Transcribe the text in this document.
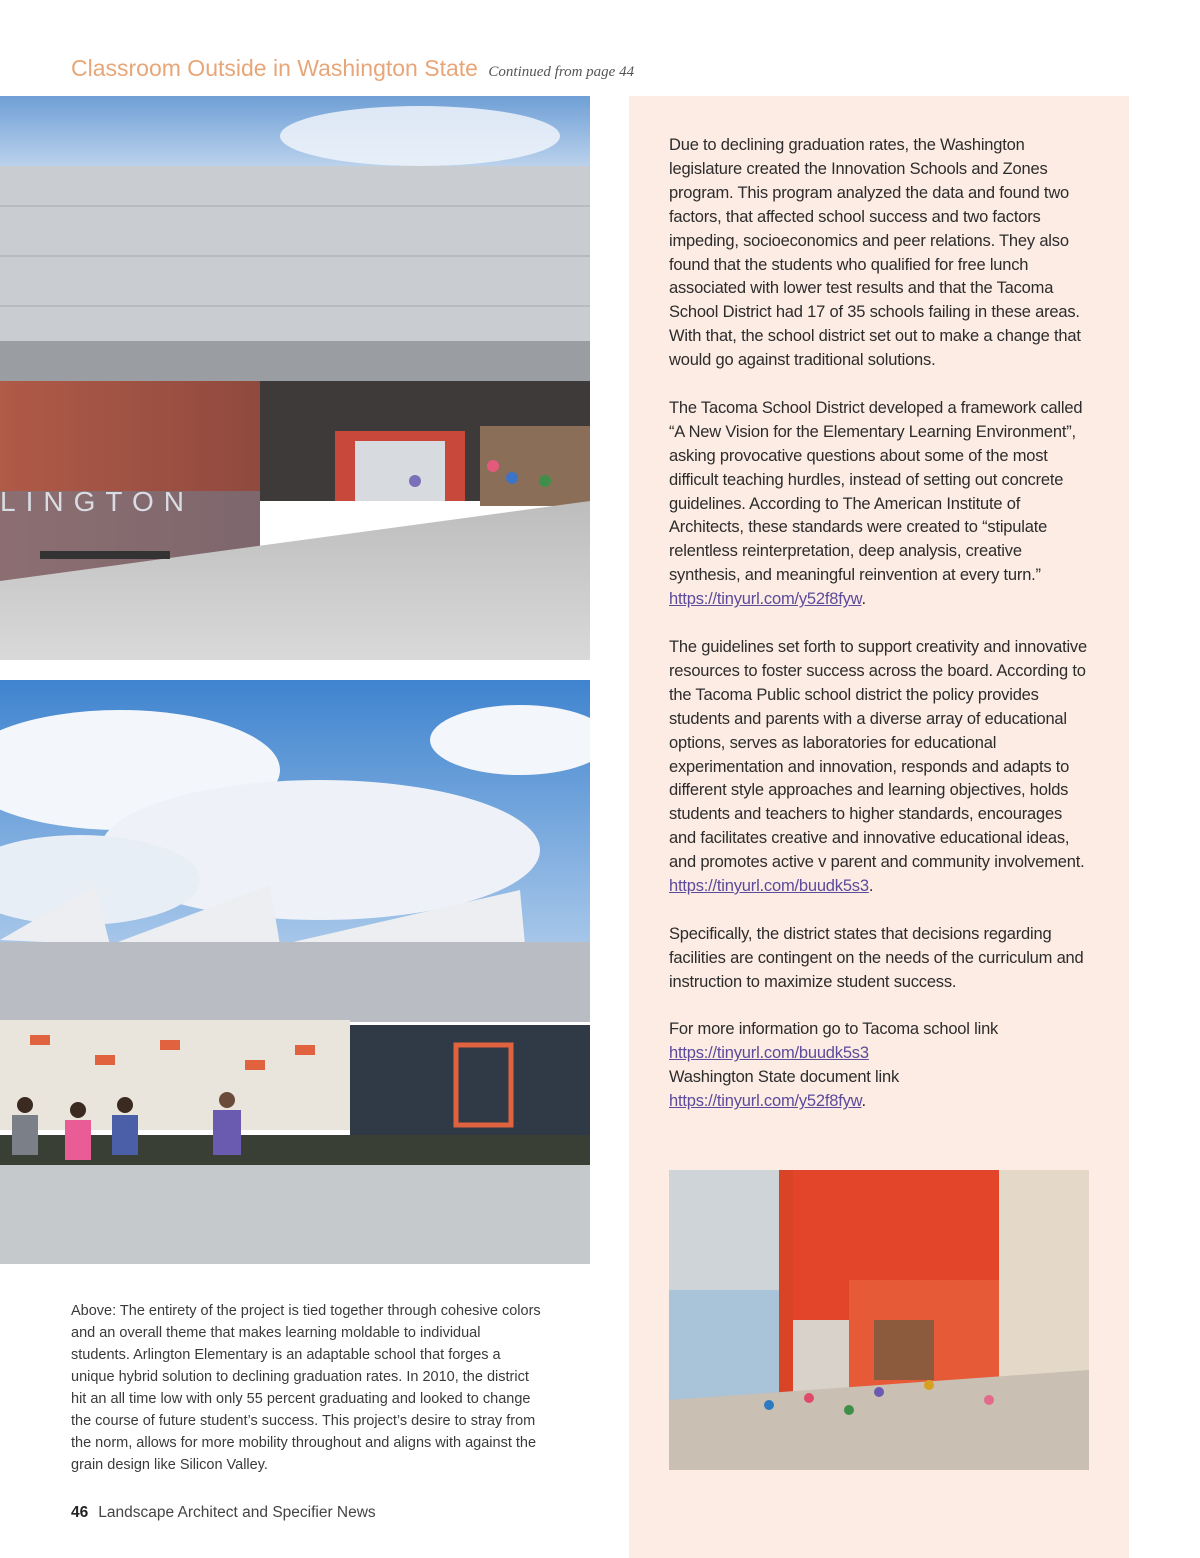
Classroom Outside in Washington State Continued from page 44
LINGTON

Due to declining graduation rates, the Washington legislature created the Innovation Schools and Zones program. This program analyzed the data and found two factors, that affected school success and two factors impeding, socioeconomics and peer relations. They also found that the students who qualified for free lunch associated with lower test results and that the Tacoma School District had 17 of 35 schools failing in these areas. With that, the school district set out to make a change that would go against traditional solutions.

The Tacoma School District developed a framework called “A New Vision for the Elementary Learning Environment”, asking provocative questions about some of the most difficult teaching hurdles, instead of setting out concrete guidelines. According to The American Institute of Architects, these standards were created to “stipulate relentless reinterpretation, deep analysis, creative synthesis, and meaningful reinvention at every turn.” https://tinyurl.com/y52f8fyw.

The guidelines set forth to support creativity and innovative resources to foster success across the board. According to the Tacoma Public school district the policy provides students and parents with a diverse array of educational options, serves as laboratories for educational experimentation and innovation, responds and adapts to different style approaches and learning objectives, holds students and teachers to higher standards, encourages and facilitates creative and innovative educational ideas, and promotes active v parent and community involvement.
https://tinyurl.com/buudk5s3.

Specifically, the district states that decisions regarding facilities are contingent on the needs of the curriculum and instruction to maximize student success.

For more information go to Tacoma school link
https://tinyurl.com/buudk5s3
Washington State document link
https://tinyurl.com/y52f8fyw.

Above: The entirety of the project is tied together through cohesive colors and an overall theme that makes learning moldable to individual students. Arlington Elementary is an adaptable school that forges a unique hybrid solution to declining graduation rates. In 2010, the district hit an all time low with only 55 percent graduating and looked to change the course of future student’s success. This project’s desire to stray from the norm, allows for more mobility throughout and aligns with against the grain design like Silicon Valley.

46 Landscape Architect and Specifier News
